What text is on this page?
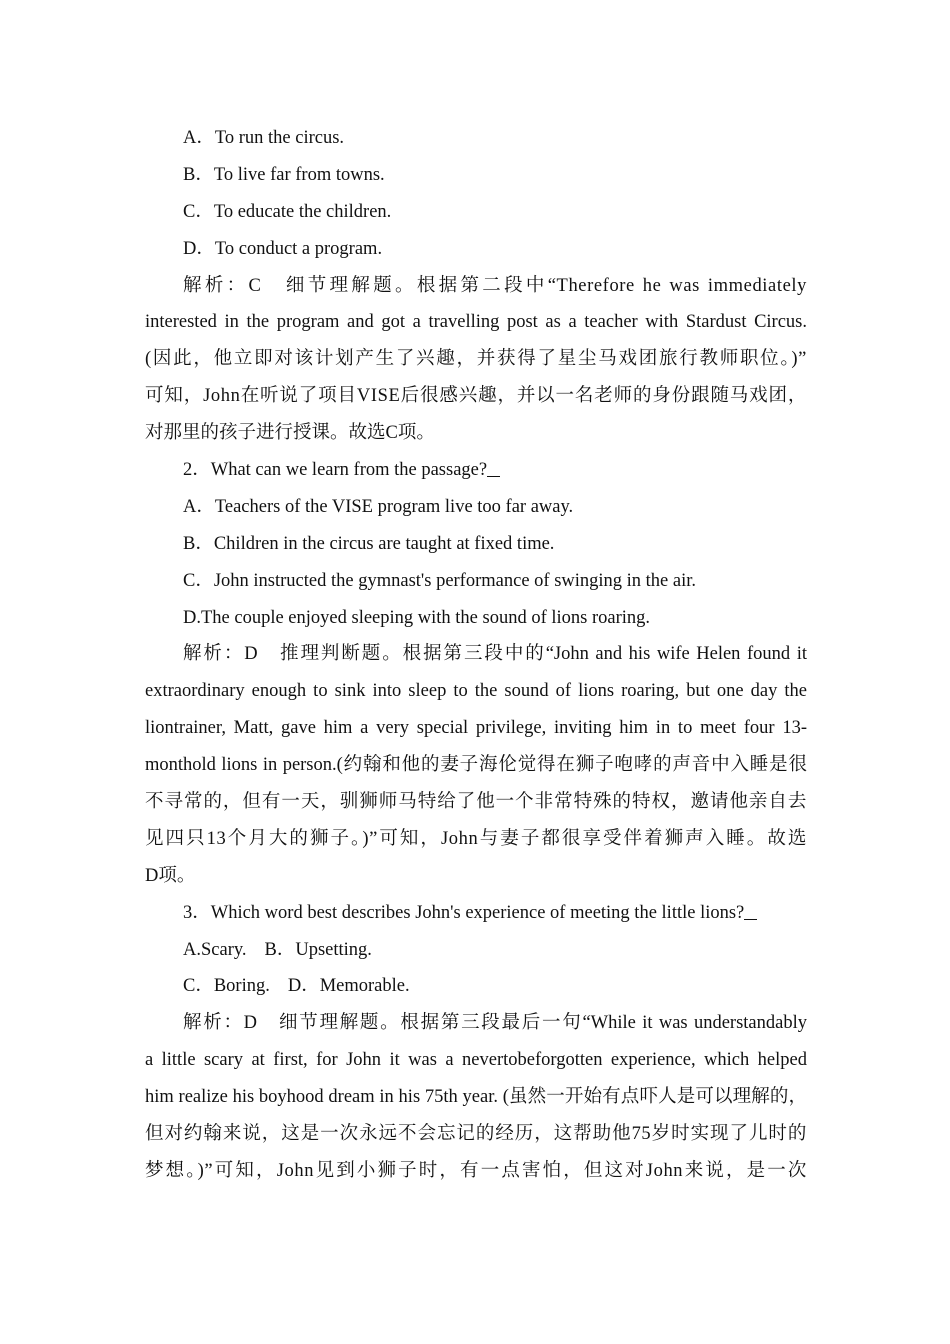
A．To run the circus.
B．To live far from towns.
C．To educate the children.
D．To conduct a program.
解析：C　细节理解题。根据第二段中“Therefore he was immediately
interested in the program and got a travelling post as a teacher with Stardust Circus.
(因此，他立即对该计划产生了兴趣，并获得了星尘马戏团旅行教师职位。)”
可知，John在听说了项目VISE后很感兴趣，并以一名老师的身份跟随马戏团，
对那里的孩子进行授课。故选C项。
2．What can we learn from the passage?
A．Teachers of the VISE program live too far away.
B．Children in the circus are taught at fixed time.
C．John instructed the gymnast's performance of swinging in the air.
D.The couple enjoyed sleeping with the sound of lions roaring.
解析：D　推理判断题。根据第三段中的“John and his wife Helen found it
extraordinary enough to sink into sleep to the sound of lions roaring, but one day the
liontrainer, Matt, gave him a very special privilege, inviting him in to meet four 13-
monthold lions in person.(约翰和他的妻子海伦觉得在狮子咆哮的声音中入睡是很
不寻常的，但有一天，驯狮师马特给了他一个非常特殊的特权，邀请他亲自去
见四只13个月大的狮子。)”可知，John与妻子都很享受伴着狮声入睡。故选
D项。
3．Which word best describes John's experience of meeting the little lions?
A.Scary. B．Upsetting.
C．Boring. D．Memorable.
解析：D　细节理解题。根据第三段最后一句“While it was understandably
a little scary at first, for John it was a nevertobeforgotten experience, which helped
him realize his boyhood dream in his 75th year. (虽然一开始有点吓人是可以理解的，
但对约翰来说，这是一次永远不会忘记的经历，这帮助他75岁时实现了儿时的
梦想。)”可知，John见到小狮子时，有一点害怕，但这对John来说，是一次
